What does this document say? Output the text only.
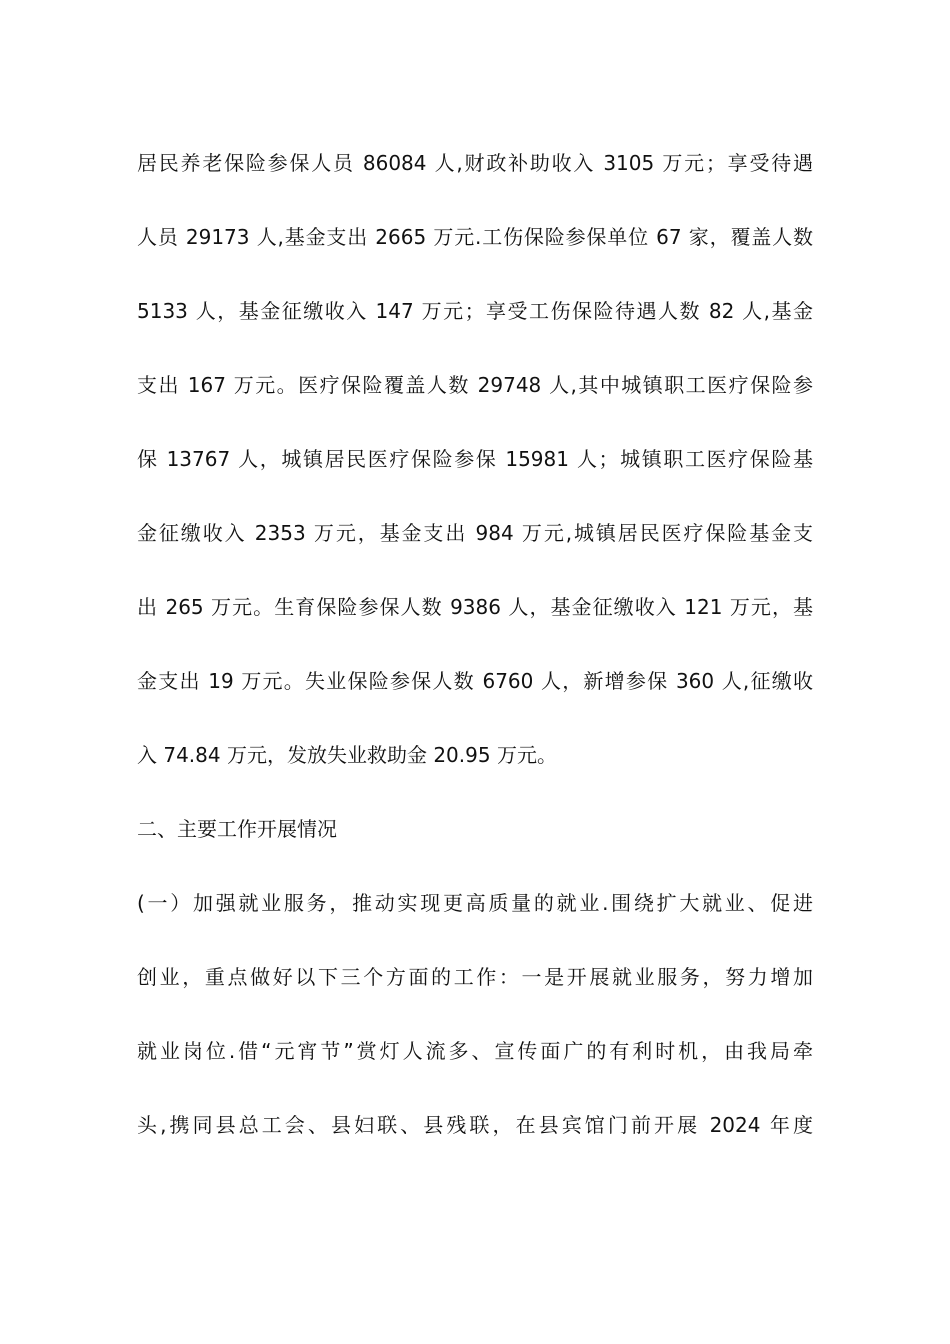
居民养老保险参保人员 86084 人,财政补助收入 3105 万元；享受待遇
人员 29173 人,基金支出 2665 万元.工伤保险参保单位 67 家，覆盖人数
5133 人，基金征缴收入 147 万元；享受工伤保险待遇人数 82 人,基金
支出 167 万元。医疗保险覆盖人数 29748 人,其中城镇职工医疗保险参
保 13767 人，城镇居民医疗保险参保 15981 人；城镇职工医疗保险基
金征缴收入 2353 万元，基金支出 984 万元,城镇居民医疗保险基金支
出 265 万元。生育保险参保人数 9386 人，基金征缴收入 121 万元，基
金支出 19 万元。失业保险参保人数 6760 人，新增参保 360 人,征缴收
入 74.84 万元，发放失业救助金 20.95 万元。
二、主要工作开展情况
(一）加强就业服务，推动实现更高质量的就业.围绕扩大就业、促进
创业，重点做好以下三个方面的工作：一是开展就业服务，努力增加
就业岗位.借“元宵节”赏灯人流多、宣传面广的有利时机，由我局牵
头,携同县总工会、县妇联、县残联，在县宾馆门前开展 2024 年度
